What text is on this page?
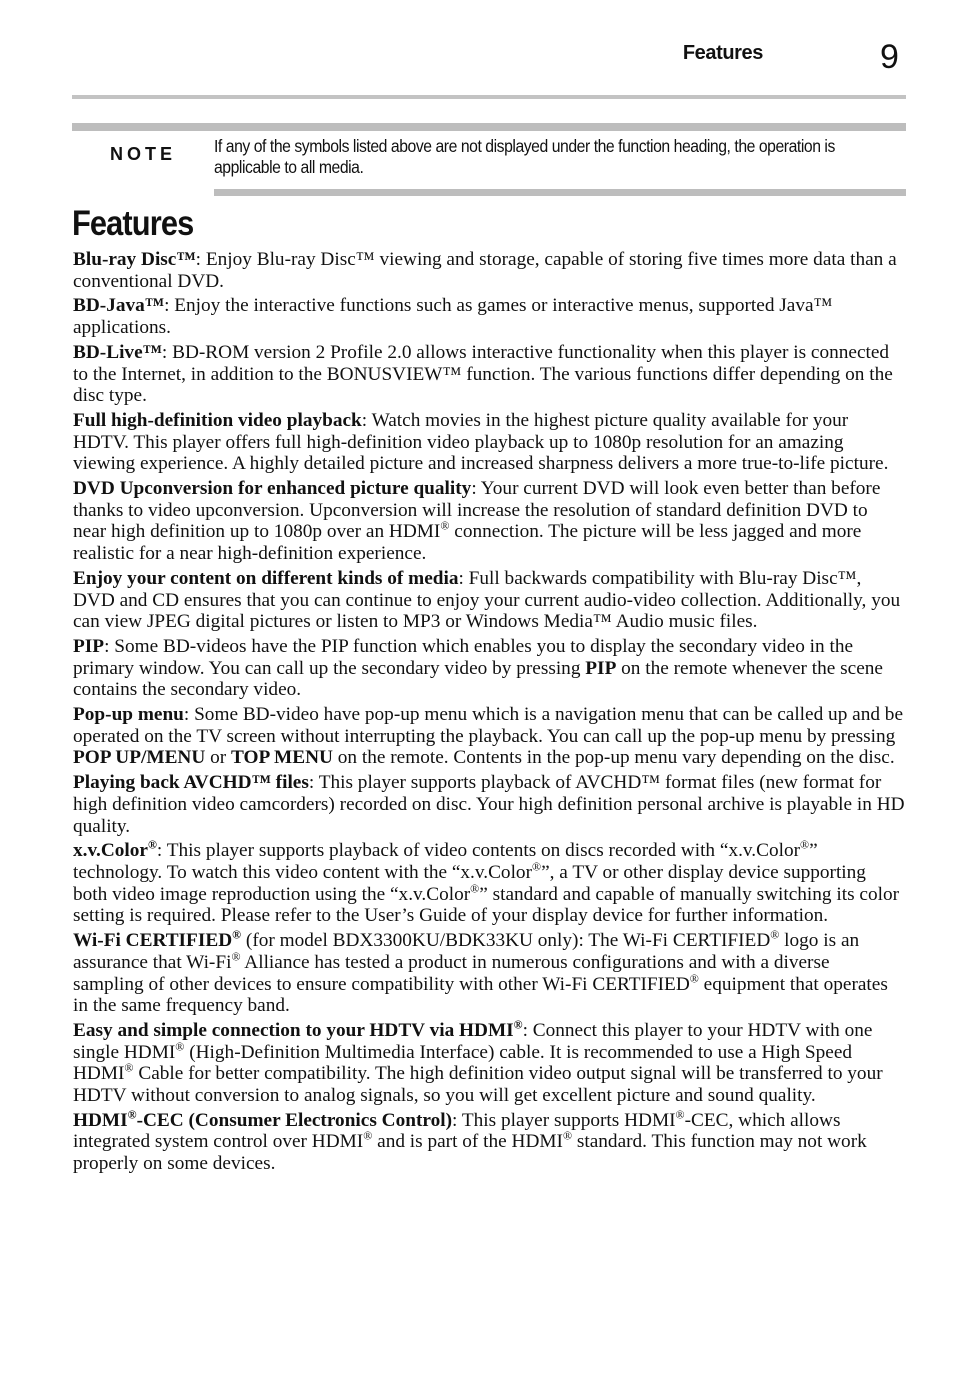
Features	9
NOTE If any of the symbols listed above are not displayed under the function heading, the operation is applicable to all media.
Features

Blu-ray Disc™: Enjoy Blu-ray Disc™ viewing and storage, capable of storing five times more data than a conventional DVD.

BD-Java™: Enjoy the interactive functions such as games or interactive menus, supported Java™ applications.

BD-Live™: BD-ROM version 2 Profile 2.0 allows interactive functionality when this player is connected to the Internet, in addition to the BONUSVIEW™ function. The various functions differ depending on the disc type.

Full high-definition video playback: Watch movies in the highest picture quality available for your HDTV. This player offers full high-definition video playback up to 1080p resolution for an amazing viewing experience. A highly detailed picture and increased sharpness delivers a more true-to-life picture.

DVD Upconversion for enhanced picture quality: Your current DVD will look even better than before thanks to video upconversion. Upconversion will increase the resolution of standard definition DVD to near high definition up to 1080p over an HDMI® connection. The picture will be less jagged and more realistic for a near high-definition experience.

Enjoy your content on different kinds of media: Full backwards compatibility with Blu-ray Disc™, DVD and CD ensures that you can continue to enjoy your current audio-video collection. Additionally, you can view JPEG digital pictures or listen to MP3 or Windows Media™ Audio music files.

PIP: Some BD-videos have the PIP function which enables you to display the secondary video in the primary window. You can call up the secondary video by pressing PIP on the remote whenever the scene contains the secondary video.

Pop-up menu: Some BD-video have pop-up menu which is a navigation menu that can be called up and be operated on the TV screen without interrupting the playback. You can call up the pop-up menu by pressing POP UP/MENU or TOP MENU on the remote. Contents in the pop-up menu vary depending on the disc.

Playing back AVCHD™ files: This player supports playback of AVCHD™ format files (new format for high definition video camcorders) recorded on disc. Your high definition personal archive is playable in HD quality.

x.v.Color®: This player supports playback of video contents on discs recorded with “x.v.Color®” technology. To watch this video content with the “x.v.Color®”, a TV or other display device supporting both video image reproduction using the “x.v.Color®” standard and capable of manually switching its color setting is required. Please refer to the User’s Guide of your display device for further information.

Wi-Fi CERTIFIED® (for model BDX3300KU/BDK33KU only): The Wi-Fi CERTIFIED® logo is an assurance that Wi-Fi® Alliance has tested a product in numerous configurations and with a diverse sampling of other devices to ensure compatibility with other Wi-Fi CERTIFIED® equipment that operates in the same frequency band.

Easy and simple connection to your HDTV via HDMI®: Connect this player to your HDTV with one single HDMI® (High-Definition Multimedia Interface) cable. It is recommended to use a High Speed HDMI® Cable for better compatibility. The high definition video output signal will be transferred to your HDTV without conversion to analog signals, so you will get excellent picture and sound quality.

HDMI®-CEC (Consumer Electronics Control): This player supports HDMI®-CEC, which allows integrated system control over HDMI® and is part of the HDMI® standard. This function may not work properly on some devices.
